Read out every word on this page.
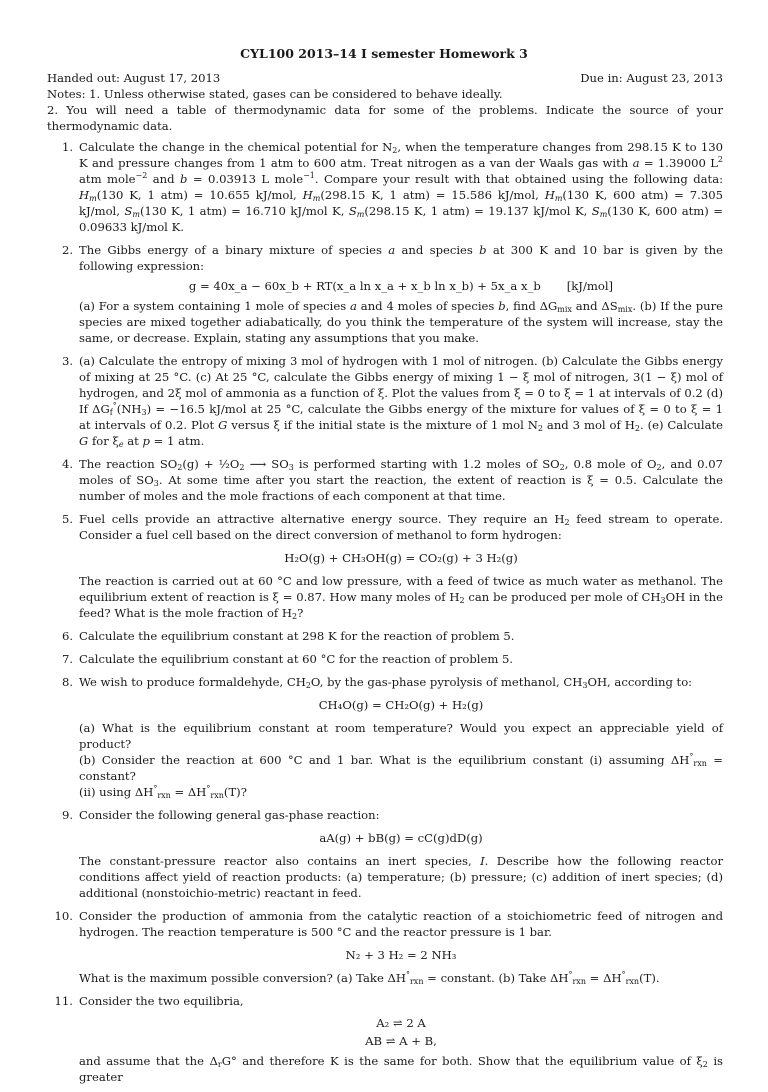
CYL100 2013–14 I semester Homework 3
Handed out: August 17, 2013	Due in: August 23, 2013

Notes: 1. Unless otherwise stated, gases can be considered to behave ideally.

2. You will need a table of thermodynamic data for some of the problems. Indicate the source of your thermodynamic data.

1. Calculate the change in the chemical potential for $N_2$, when the temperature changes from 298.15 K to 130 K and pressure changes from 1 atm to 600 atm. Treat nitrogen as a van der Waals gas with a = 1.39000 $L^2$ atm mole$^{-2}$ and b = 0.03913 L mole$^{-1}$. Compare your result with that obtained using the following data: $H_m(130$ K, 1 atm) = 10.655 kJ/mol, $H_m(298.15$ K, 1 atm) = 15.586 kJ/mol, $H_m(130$ K, 600 atm) = 7.305 kJ/mol, $S_m(130$ K, 1 atm) = 16.710 kJ/mol K, $S_m(298.15$ K, 1 atm) = 19.137 kJ/mol K, $S_m(130$ K, 600 atm) = 0.09633 kJ/mol K.

2. The Gibbs energy of a binary mixture of species a and species b at 300 K and 10 bar is given by the following expression:

g = 40x_a − 60x_b + RT(x_a ln x_a + x_b ln x_b) + 5x_a x_b [kJ/mol]

(a) For a system containing 1 mole of species a and 4 moles of species b, find $\Delta G_{mix}$ and $\Delta S_{mix}$. (b) If the pure species are mixed together adiabatically, do you think the temperature of the system will increase, stay the same, or decrease. Explain, stating any assumptions that you make.

3. (a) Calculate the entropy of mixing 3 mol of hydrogen with 1 mol of nitrogen. (b) Calculate the Gibbs energy of mixing at 25 °C. (c) At 25 °C, calculate the Gibbs energy of mixing 1 − ξ mol of nitrogen, 3(1 − ξ) mol of hydrogen, and 2ξ mol of ammonia as a function of ξ. Plot the values from ξ = 0 to ξ = 1 at intervals of 0.2 (d) If $\Delta G_f^\circ(NH_3) = -16.5$ kJ/mol at 25 °C, calculate the Gibbs energy of the mixture for values of ξ = 0 to ξ = 1 at intervals of 0.2. Plot G versus ξ if the initial state is the mixture of 1 mol $N_2$ and 3 mol of $H_2$. (e) Calculate G for $\xi_e$ at p = 1 atm.

4. The reaction $SO_2(g)$ + $\frac{1}{2}O_2$ ⟶ $SO_3$ is performed starting with 1.2 moles of $SO_2$, 0.8 mole of $O_2$, and 0.07 moles of $SO_3$. At some time after you start the reaction, the extent of reaction is ξ = 0.5. Calculate the number of moles and the mole fractions of each component at that time.

5. Fuel cells provide an attractive alternative energy source. They require an $H_2$ feed stream to operate. Consider a fuel cell based on the direct conversion of methanol to form hydrogen:

H₂O(g) + CH₃OH(g) = CO₂(g) + 3 H₂(g)

The reaction is carried out at 60 °C and low pressure, with a feed of twice as much water as methanol. The equilibrium extent of reaction is ξ = 0.87. How many moles of $H_2$ can be produced per mole of $CH_3OH$ in the feed? What is the mole fraction of $H_2$?

6. Calculate the equilibrium constant at 298 K for the reaction of problem 5.

7. Calculate the equilibrium constant at 60 °C for the reaction of problem 5.

8. We wish to produce formaldehyde, $CH_2O$, by the gas-phase pyrolysis of methanol, $CH_3OH$, according to:

CH₄O(g) = CH₂O(g) + H₂(g)

(a) What is the equilibrium constant at room temperature? Would you expect an appreciable yield of product?

(b) Consider the reaction at 600 °C and 1 bar. What is the equilibrium constant (i) assuming $\Delta H^\circ_{rxn}$ = constant?

(ii) using $\Delta H^\circ_{rxn} = \Delta H^\circ_{rxn}(T)$?

9. Consider the following general gas-phase reaction:

aA(g) + bB(g) = cC(g)dD(g)

The constant-pressure reactor also contains an inert species, I. Describe how the following reactor conditions affect yield of reaction products: (a) temperature; (b) pressure; (c) addition of inert species; (d) additional (nonstoichio-metric) reactant in feed.

10. Consider the production of ammonia from the catalytic reaction of a stoichiometric feed of nitrogen and hydrogen. The reaction temperature is 500 °C and the reactor pressure is 1 bar.

N₂ + 3 H₂ = 2 NH₃

What is the maximum possible conversion? (a) Take $\Delta H^\circ_{rxn}$ = constant. (b) Take $\Delta H^\circ_{rxn} = \Delta H^\circ_{rxn}(T)$.

11. Consider the two equilibria,

A₂ ⇌ 2 A
AB ⇌ A + B,

and assume that the $\Delta_rG^\circ$ and therefore K is the same for both. Show that the equilibrium value of $\xi_2$ is greater
